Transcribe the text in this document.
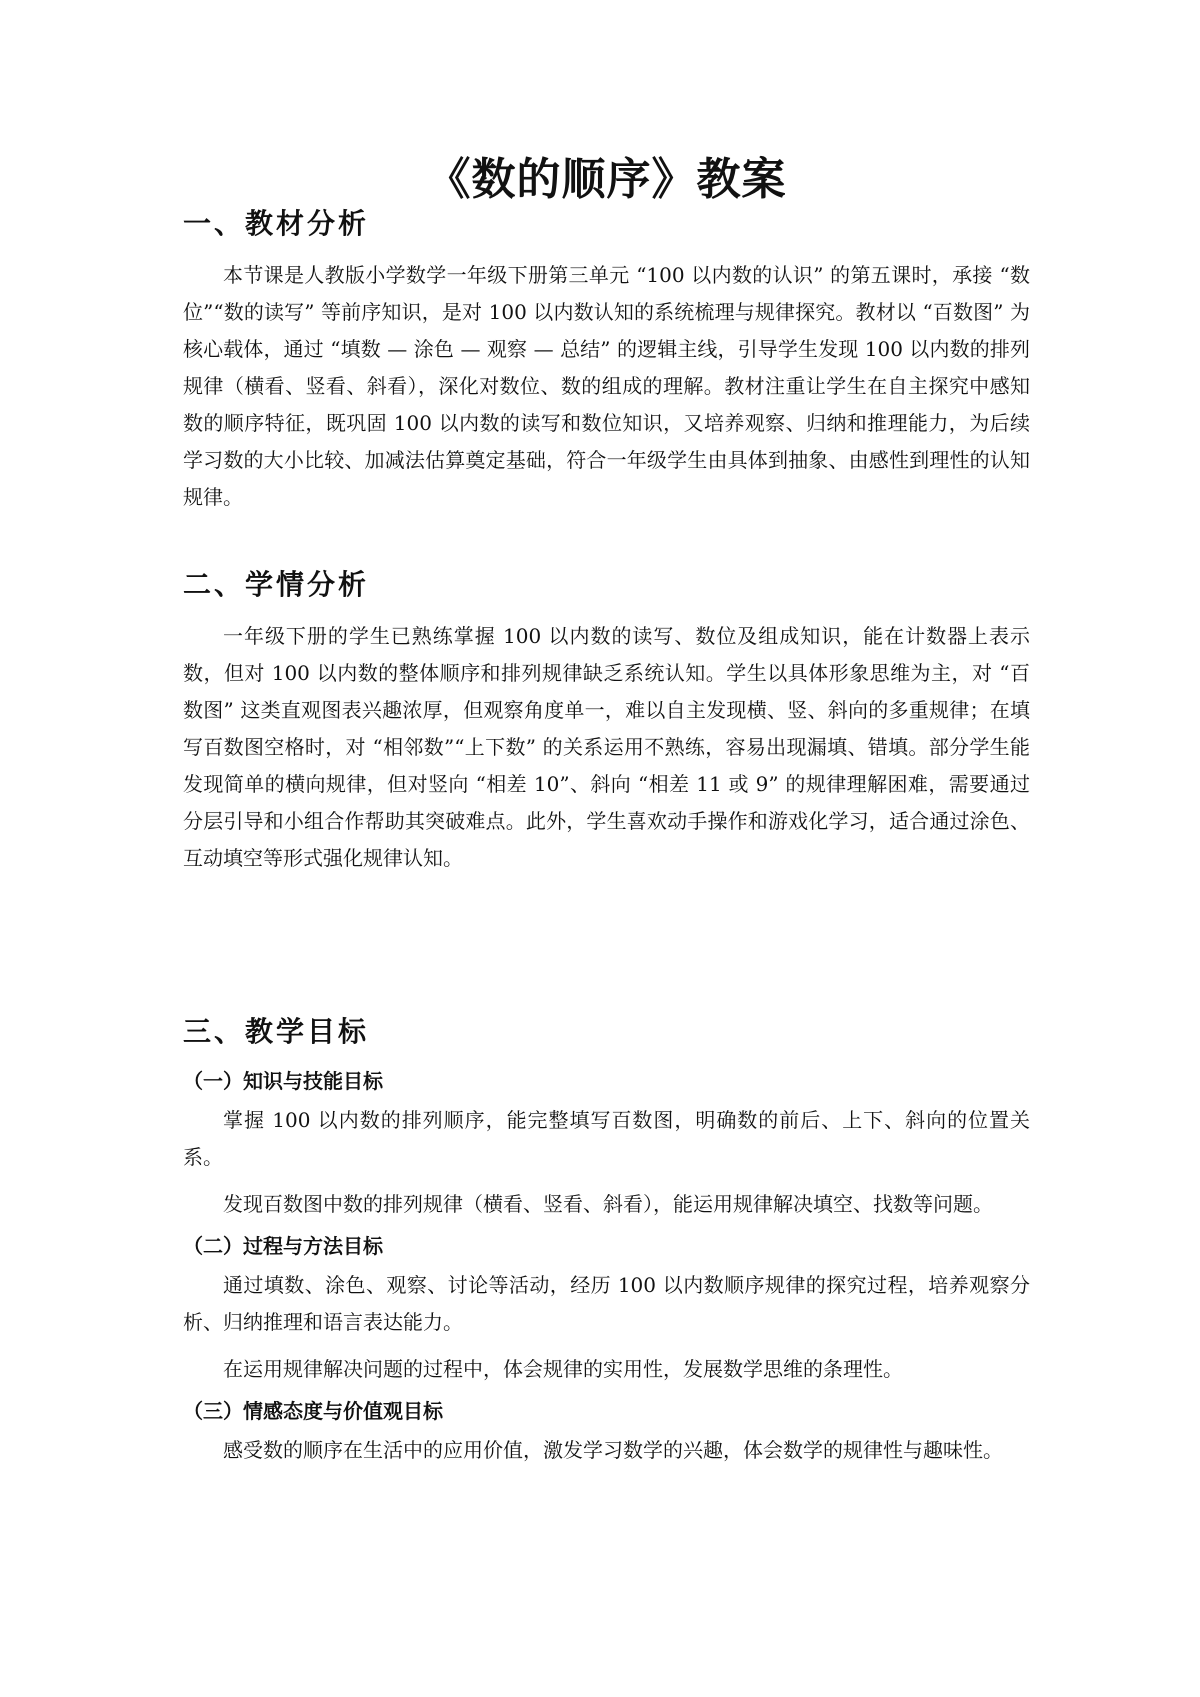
《数的顺序》教案
一、教材分析

本节课是人教版小学数学一年级下册第三单元 “100 以内数的认识” 的第五课时，承接 “数位”“数的读写” 等前序知识，是对 100 以内数认知的系统梳理与规律探究。教材以 “百数图” 为核心载体，通过 “填数 — 涂色 — 观察 — 总结” 的逻辑主线，引导学生发现 100 以内数的排列规律（横看、竖看、斜看），深化对数位、数的组成的理解。教材注重让学生在自主探究中感知数的顺序特征，既巩固 100 以内数的读写和数位知识，又培养观察、归纳和推理能力，为后续学习数的大小比较、加减法估算奠定基础，符合一年级学生由具体到抽象、由感性到理性的认知规律。

二、学情分析

一年级下册的学生已熟练掌握 100 以内数的读写、数位及组成知识，能在计数器上表示数，但对 100 以内数的整体顺序和排列规律缺乏系统认知。学生以具体形象思维为主，对 “百数图” 这类直观图表兴趣浓厚，但观察角度单一，难以自主发现横、竖、斜向的多重规律；在填写百数图空格时，对 “相邻数”“上下数” 的关系运用不熟练，容易出现漏填、错填。部分学生能发现简单的横向规律，但对竖向 “相差 10”、斜向 “相差 11 或 9” 的规律理解困难，需要通过分层引导和小组合作帮助其突破难点。此外，学生喜欢动手操作和游戏化学习，适合通过涂色、互动填空等形式强化规律认知。

三、教学目标
（一）知识与技能目标

掌握 100 以内数的排列顺序，能完整填写百数图，明确数的前后、上下、斜向的位置关系。

发现百数图中数的排列规律（横看、竖看、斜看），能运用规律解决填空、找数等问题。

（二）过程与方法目标

通过填数、涂色、观察、讨论等活动，经历 100 以内数顺序规律的探究过程，培养观察分析、归纳推理和语言表达能力。

在运用规律解决问题的过程中，体会规律的实用性，发展数学思维的条理性。

（三）情感态度与价值观目标

感受数的顺序在生活中的应用价值，激发学习数学的兴趣，体会数学的规律性与趣味性。
